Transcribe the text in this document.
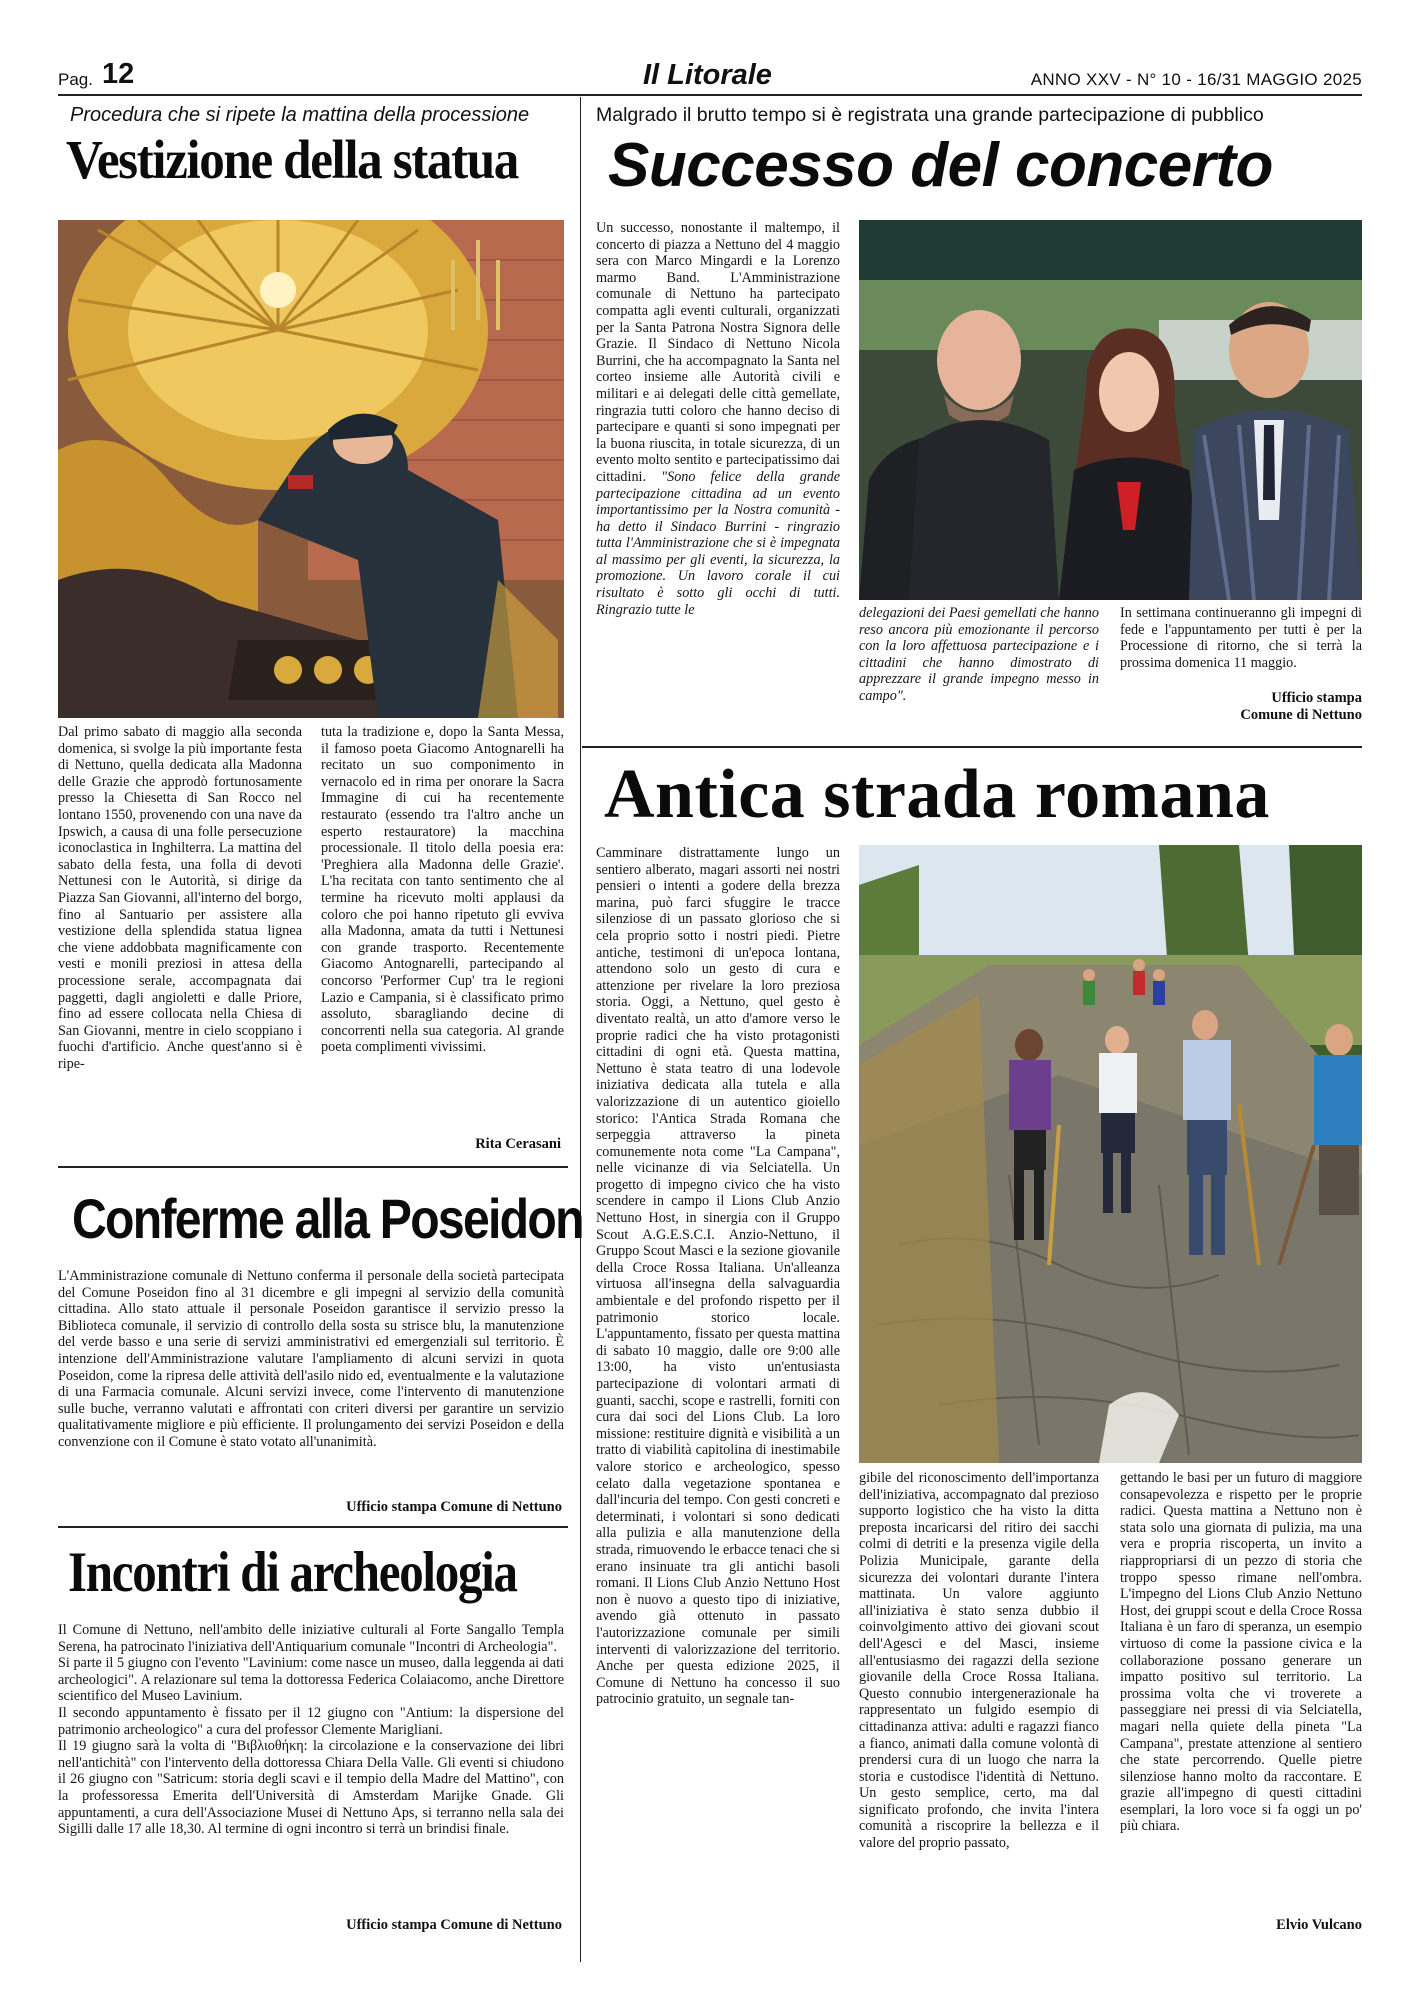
Pag. 12	Il Litorale	ANNO XXV - N° 10 - 16/31 MAGGIO 2025
Procedura che si ripete la mattina della processione
Vestizione della statua
Dal primo sabato di maggio alla seconda domenica, si svolge la più importante festa di Nettuno, quella dedicata alla Madonna delle Grazie che approdò fortunosamente presso la Chiesetta di San Rocco nel lontano 1550, provenendo con una nave da Ipswich, a causa di una folle persecuzione iconoclastica in Inghilterra. La mattina del sabato della festa, una folla di devoti Nettunesi con le Autorità, si dirige da Piazza San Giovanni, all'interno del borgo, fino al Santuario per assistere alla vestizione della splendida statua lignea che viene addobbata magnificamente con vesti e monili preziosi in attesa della processione serale, accompagnata dai paggetti, dagli angioletti e dalle Priore, fino ad essere collocata nella Chiesa di San Giovanni, mentre in cielo scoppiano i fuochi d'artificio. Anche quest'anno si è ripe-
tuta la tradizione e, dopo la Santa Messa, il famoso poeta Giacomo Antognarelli ha recitato un suo componimento in vernacolo ed in rima per onorare la Sacra Immagine di cui ha recentemente restaurato (essendo tra l'altro anche un esperto restauratore) la macchina processionale. Il titolo della poesia era: 'Preghiera alla Madonna delle Grazie'. L'ha recitata con tanto sentimento che al termine ha ricevuto molti applausi da coloro che poi hanno ripetuto gli evviva alla Madonna, amata da tutti i Nettunesi con grande trasporto. Recentemente Giacomo Antognarelli, partecipando al concorso 'Performer Cup' tra le regioni Lazio e Campania, si è classificato primo assoluto, sbaragliando decine di concorrenti nella sua categoria. Al grande poeta complimenti vivissimi.
Rita Cerasani
Malgrado il brutto tempo si è registrata una grande partecipazione di pubblico
Successo del concerto
Un successo, nonostante il maltempo, il concerto di piazza a Nettuno del 4 maggio sera con Marco Mingardi e la Lorenzo marmo Band. L'Amministrazione comunale di Nettuno ha partecipato compatta agli eventi culturali, organizzati per la Santa Patrona Nostra Signora delle Grazie. Il Sindaco di Nettuno Nicola Burrini, che ha accompagnato la Santa nel corteo insieme alle Autorità civili e militari e ai delegati delle città gemellate, ringrazia tutti coloro che hanno deciso di partecipare e quanti si sono impegnati per la buona riuscita, in totale sicurezza, di un evento molto sentito e partecipatissimo dai cittadini. "Sono felice della grande partecipazione cittadina ad un evento importantissimo per la Nostra comunità - ha detto il Sindaco Burrini - ringrazio tutta l'Amministrazione che si è impegnata al massimo per gli eventi, la sicurezza, la promozione. Un lavoro corale il cui risultato è sotto gli occhi di tutti. Ringrazio tutte le	delegazioni dei Paesi gemellati che hanno reso ancora più emozionante il percorso con la loro affettuosa partecipazione e i cittadini che hanno dimostrato di apprezzare il grande impegno messo in campo".
In settimana continueranno gli impegni di fede e l'appuntamento per tutti è per la Processione di ritorno, che si terrà la prossima domenica 11 maggio.
Ufficio stampa
Comune di Nettuno
Conferme alla Poseidon
L'Amministrazione comunale di Nettuno conferma il personale della società partecipata del Comune Poseidon fino al 31 dicembre e gli impegni al servizio della comunità cittadina. Allo stato attuale il personale Poseidon garantisce il servizio presso la Biblioteca comunale, il servizio di controllo della sosta su strisce blu, la manutenzione del verde basso e una serie di servizi amministrativi ed emergenziali sul territorio. È intenzione dell'Amministrazione valutare l'ampliamento di alcuni servizi in quota Poseidon, come la ripresa delle attività dell'asilo nido ed, eventualmente e la valutazione di una Farmacia comunale. Alcuni servizi invece, come l'intervento di manutenzione sulle buche, verranno valutati e affrontati con criteri diversi per garantire un servizio qualitativamente migliore e più efficiente. Il prolungamento dei servizi Poseidon e della convenzione con il Comune è stato votato all'unanimità.
Ufficio stampa Comune di Nettuno
Incontri di archeologia

Il Comune di Nettuno, nell'ambito delle iniziative culturali al Forte Sangallo Templa Serena, ha patrocinato l'iniziativa dell'Antiquarium comunale "Incontri di Archeologia".

Si parte il 5 giugno con l'evento "Lavinium: come nasce un museo, dalla leggenda ai dati archeologici". A relazionare sul tema la dottoressa Federica Colaiacomo, anche Direttore scientifico del Museo Lavinium.

Il secondo appuntamento è fissato per il 12 giugno con "Antium: la dispersione del patrimonio archeologico" a cura del professor Clemente Marigliani.

Il 19 giugno sarà la volta di "Βιβλιοθήκη: la circolazione e la conservazione dei libri nell'antichità" con l'intervento della dottoressa Chiara Della Valle. Gli eventi si chiudono il 26 giugno con "Satricum: storia degli scavi e il tempio della Madre del Mattino", con la professoressa Emerita dell'Università di Amsterdam Marijke Gnade. Gli appuntamenti, a cura dell'Associazione Musei di Nettuno Aps, si terranno nella sala dei Sigilli dalle 17 alle 18,30. Al termine di ogni incontro si terrà un brindisi finale.

Ufficio stampa Comune di Nettuno
Antica strada romana
Camminare distrattamente lungo un sentiero alberato, magari assorti nei nostri pensieri o intenti a godere della brezza marina, può farci sfuggire le tracce silenziose di un passato glorioso che si cela proprio sotto i nostri piedi. Pietre antiche, testimoni di un'epoca lontana, attendono solo un gesto di cura e attenzione per rivelare la loro preziosa storia. Oggi, a Nettuno, quel gesto è diventato realtà, un atto d'amore verso le proprie radici che ha visto protagonisti cittadini di ogni età. Questa mattina, Nettuno è stata teatro di una lodevole iniziativa dedicata alla tutela e alla valorizzazione di un autentico gioiello storico: l'Antica Strada Romana che serpeggia attraverso la pineta comunemente nota come "La Campana", nelle vicinanze di via Selciatella. Un progetto di impegno civico che ha visto scendere in campo il Lions Club Anzio Nettuno Host, in sinergia con il Gruppo Scout A.G.E.S.C.I. Anzio-Nettuno, il Gruppo Scout Masci e la sezione giovanile della Croce Rossa Italiana. Un'alleanza virtuosa all'insegna della salvaguardia ambientale e del profondo rispetto per il patrimonio storico locale. L'appuntamento, fissato per questa mattina di sabato 10 maggio, dalle ore 9:00 alle 13:00, ha visto un'entusiasta partecipazione di volontari armati di guanti, sacchi, scope e rastrelli, forniti con cura dai soci del Lions Club. La loro missione: restituire dignità e visibilità a un tratto di viabilità capitolina di inestimabile valore storico e archeologico, spesso celato dalla vegetazione spontanea e dall'incuria del tempo. Con gesti concreti e determinati, i volontari si sono dedicati alla pulizia e alla manutenzione della strada, rimuovendo le erbacce tenaci che si erano insinuate tra gli antichi basoli romani. Il Lions Club Anzio Nettuno Host non è nuovo a questo tipo di iniziative, avendo già ottenuto in passato l'autorizzazione comunale per simili interventi di valorizzazione del territorio. Anche per questa edizione 2025, il Comune di Nettuno ha concesso il suo patrocinio gratuito, un segnale tan-
gibile del riconoscimento dell'importanza dell'iniziativa, accompagnato dal prezioso supporto logistico che ha visto la ditta preposta incaricarsi del ritiro dei sacchi colmi di detriti e la presenza vigile della Polizia Municipale, garante della sicurezza dei volontari durante l'intera mattinata. Un valore aggiunto all'iniziativa è stato senza dubbio il coinvolgimento attivo dei giovani scout dell'Agesci e del Masci, insieme all'entusiasmo dei ragazzi della sezione giovanile della Croce Rossa Italiana. Questo connubio intergenerazionale ha rappresentato un fulgido esempio di cittadinanza attiva: adulti e ragazzi fianco a fianco, animati dalla comune volontà di prendersi cura di un luogo che narra la storia e custodisce l'identità di Nettuno. Un gesto semplice, certo, ma dal significato profondo, che invita l'intera comunità a riscoprire la bellezza e il valore del proprio passato,
gettando le basi per un futuro di maggiore consapevolezza e rispetto per le proprie radici. Questa mattina a Nettuno non è stata solo una giornata di pulizia, ma una vera e propria riscoperta, un invito a riappropriarsi di un pezzo di storia che troppo spesso rimane nell'ombra. L'impegno del Lions Club Anzio Nettuno Host, dei gruppi scout e della Croce Rossa Italiana è un faro di speranza, un esempio virtuoso di come la passione civica e la collaborazione possano generare un impatto positivo sul territorio. La prossima volta che vi troverete a passeggiare nei pressi di via Selciatella, magari nella quiete della pineta "La Campana", prestate attenzione al sentiero che state percorrendo. Quelle pietre silenziose hanno molto da raccontare. E grazie all'impegno di questi cittadini esemplari, la loro voce si fa oggi un po' più chiara.
Elvio Vulcano
